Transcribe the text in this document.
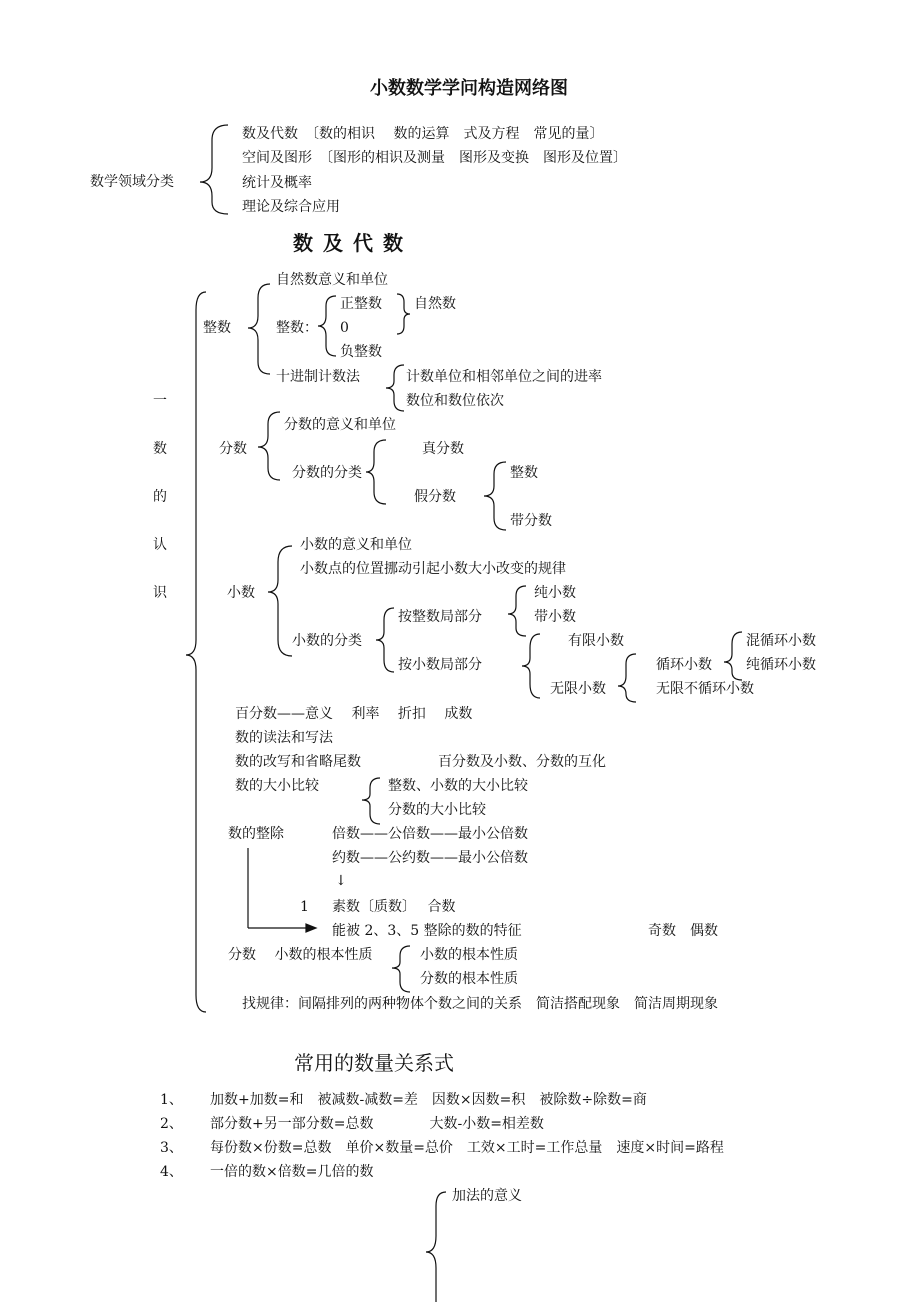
小数数学学问构造网络图
数学领域分类
数及代数　〔数的相识　 数的运算　式及方程　常见的量〕
空间及图形　〔图形的相识及测量　图形及变换　图形及位置〕
统计及概率
理论及综合应用
数及代数
一
数
的
认
识
整数
自然数意义和单位
整数：
正整数
0
负整数
自然数
十进制计数法	计数单位和相邻单位之间的进率
数位和数位依次
分数
分数的意义和单位
分数的分类
真分数
假分数
整数
带分数
小数
小数的意义和单位
小数点的位置挪动引起小数大小改变的规律
小数的分类
按整数局部分
纯小数
带小数
按小数局部分
有限小数
无限小数
循环小数
无限不循环小数
混循环小数
纯循环小数
百分数——意义　 利率　 折扣　 成数
数的读法和写法
数的改写和省略尾数	百分数及小数、分数的互化
数的大小比较	整数、小数的大小比较
分数的大小比较
数的整除	倍数——公倍数——最小公倍数
约数——公约数——最小公倍数
↓
1 素数〔质数〕　 合数
能被 2、3、5 整除的数的特征	奇数　偶数
分数　 小数的根本性质	小数的根本性质
分数的根本性质
找规律：间隔排列的两种物体个数之间的关系　简洁搭配现象　简洁周期现象
常用的数量关系式
1、 加数+加数=和　被减数-减数=差　因数×因数=积　被除数÷除数=商
2、 部分数+另一部分数=总数　　　　大数-小数=相差数
3、 每份数×份数=总数　单价×数量=总价　工效×工时=工作总量　速度×时间=路程
4、 一倍的数×倍数=几倍的数
加法的意义
